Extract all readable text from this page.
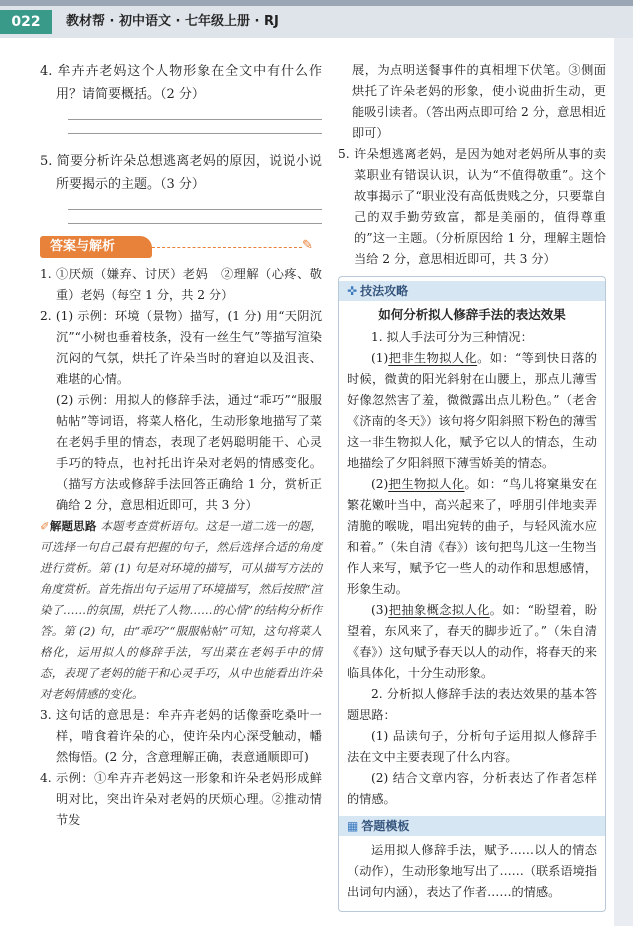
022	教材帮 · 初中语文 · 七年级上册 · RJ

4. 牟卉卉老妈这个人物形象在全文中有什么作用？请简要概括。（2 分）

5. 简要分析许朵总想逃离老妈的原因，说说小说所要揭示的主题。（3 分）

答案与解析	✎

1. ①厌烦（嫌弃、讨厌）老妈　②理解（心疼、敬重）老妈（每空 1 分，共 2 分）

2. (1) 示例：环境（景物）描写，(1 分) 用“天阴沉沉”“小树也垂着枝条，没有一丝生气”等描写渲染沉闷的气氛，烘托了许朵当时的窘迫以及沮丧、难堪的心情。

(2) 示例：用拟人的修辞手法，通过“乖巧”“服服帖帖”等词语，将菜人格化，生动形象地描写了菜在老妈手里的情态，表现了老妈聪明能干、心灵手巧的特点，也衬托出许朵对老妈的情感变化。（描写方法或修辞手法回答正确给 1 分，赏析正确给 2 分，意思相近即可，共 3 分）

✐解题思路 本题考查赏析语句。这是一道二选一的题，可选择一句自己最有把握的句子，然后选择合适的角度进行赏析。第 (1) 句是对环境的描写，可从描写方法的角度赏析。首先指出句子运用了环境描写，然后按照“渲染了……的氛围，烘托了人物……的心情”的结构分析作答。第 (2) 句，由“乖巧”“服服帖帖”可知，这句将菜人格化，运用拟人的修辞手法，写出菜在老妈手中的情态，表现了老妈的能干和心灵手巧，从中也能看出许朵对老妈情感的变化。

3. 这句话的意思是：牟卉卉老妈的话像蚕吃桑叶一样，啃食着许朵的心，使许朵内心深受触动，幡然悔悟。(2 分，含意理解正确，表意通顺即可)

4. 示例：①牟卉卉老妈这一形象和许朵老妈形成鲜明对比，突出许朵对老妈的厌烦心理。②推动情节发

展，为点明送餐事件的真相埋下伏笔。③侧面烘托了许朵老妈的形象，使小说曲折生动，更能吸引读者。（答出两点即可给 2 分，意思相近即可）

5. 许朵想逃离老妈，是因为她对老妈所从事的卖菜职业有错误认识，认为“不值得敬重”。这个故事揭示了“职业没有高低贵贱之分，只要靠自己的双手勤劳致富，都是美丽的，值得尊重的”这一主题。（分析原因给 1 分，理解主题恰当给 2 分，意思相近即可，共 3 分）

✜ 技法攻略
如何分析拟人修辞手法的表达效果

1. 拟人手法可分为三种情况：

(1)把非生物拟人化。如：“等到快日落的时候，微黄的阳光斜射在山腰上，那点儿薄雪好像忽然害了羞，微微露出点儿粉色。”（老舍《济南的冬天》）该句将夕阳斜照下粉色的薄雪这一非生物拟人化，赋予它以人的情态，生动地描绘了夕阳斜照下薄雪娇美的情态。

(2)把生物拟人化。如：“鸟儿将窠巢安在繁花嫩叶当中，高兴起来了，呼朋引伴地卖弄清脆的喉咙，唱出宛转的曲子，与轻风流水应和着。”（朱自清《春》）该句把鸟儿这一生物当作人来写，赋予它一些人的动作和思想感情，形象生动。

(3)把抽象概念拟人化。如：“盼望着，盼望着，东风来了，春天的脚步近了。”（朱自清《春》）这句赋予春天以人的动作，将春天的来临具体化，十分生动形象。

2. 分析拟人修辞手法的表达效果的基本答题思路：

(1) 品读句子，分析句子运用拟人修辞手法在文中主要表现了什么内容。

(2) 结合文章内容，分析表达了作者怎样的情感。

▦ 答题模板

运用拟人修辞手法，赋予……以人的情态（动作），生动形象地写出了……（联系语境指出词句内涵），表达了作者……的情感。
